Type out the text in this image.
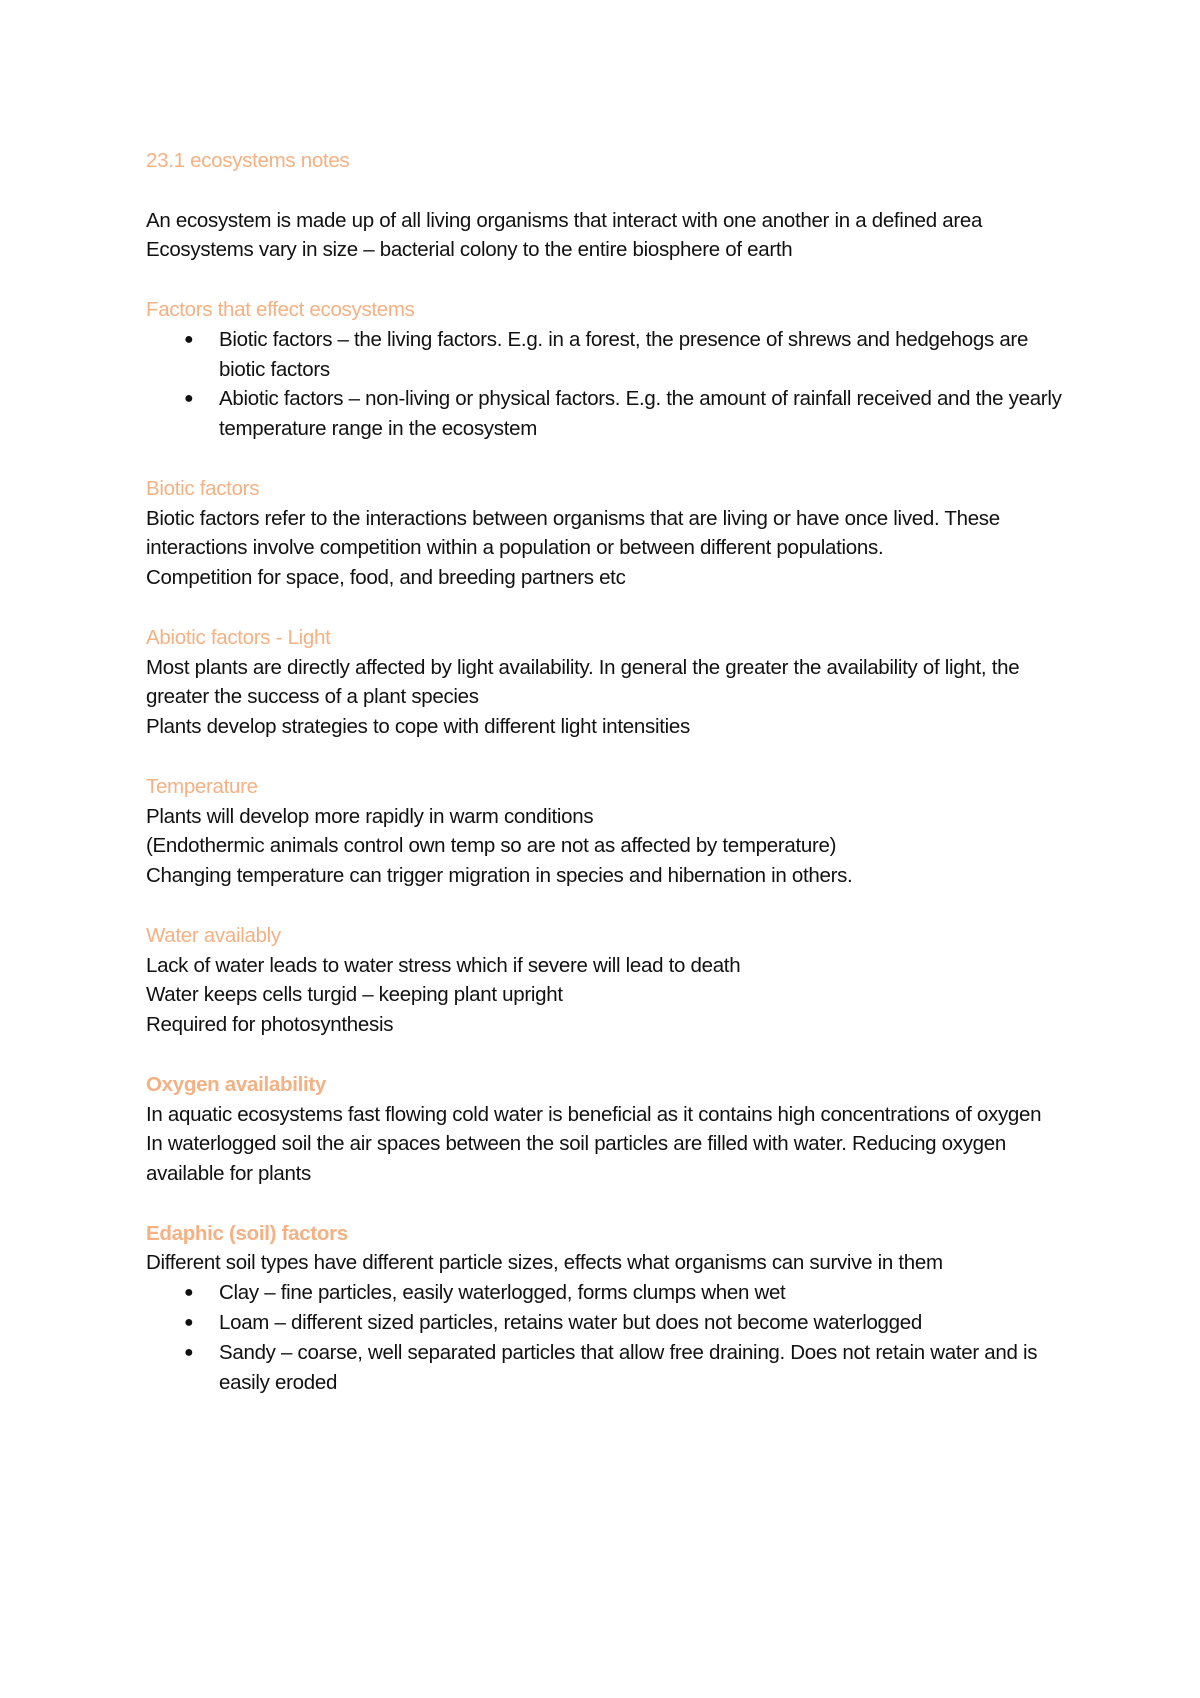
23.1 ecosystems notes

An ecosystem is made up of all living organisms that interact with one another in a defined area

Ecosystems vary in size – bacterial colony to the entire biosphere of earth

Factors that effect ecosystems

● Biotic factors – the living factors. E.g. in a forest, the presence of shrews and hedgehogs are biotic factors
● Abiotic factors – non-living or physical factors. E.g. the amount of rainfall received and the yearly temperature range in the ecosystem

Biotic factors

Biotic factors refer to the interactions between organisms that are living or have once lived. These interactions involve competition within a population or between different populations.

Competition for space, food, and breeding partners etc

Abiotic factors - Light

Most plants are directly affected by light availability. In general the greater the availability of light, the greater the success of a plant species

Plants develop strategies to cope with different light intensities

Temperature

Plants will develop more rapidly in warm conditions

(Endothermic animals control own temp so are not as affected by temperature)

Changing temperature can trigger migration in species and hibernation in others.

Water availably

Lack of water leads to water stress which if severe will lead to death

Water keeps cells turgid – keeping plant upright

Required for photosynthesis

Oxygen availability

In aquatic ecosystems fast flowing cold water is beneficial as it contains high concentrations of oxygen

In waterlogged soil the air spaces between the soil particles are filled with water. Reducing oxygen available for plants

Edaphic (soil) factors

Different soil types have different particle sizes, effects what organisms can survive in them

● Clay – fine particles, easily waterlogged, forms clumps when wet
● Loam – different sized particles, retains water but does not become waterlogged
● Sandy – coarse, well separated particles that allow free draining. Does not retain water and is easily eroded
